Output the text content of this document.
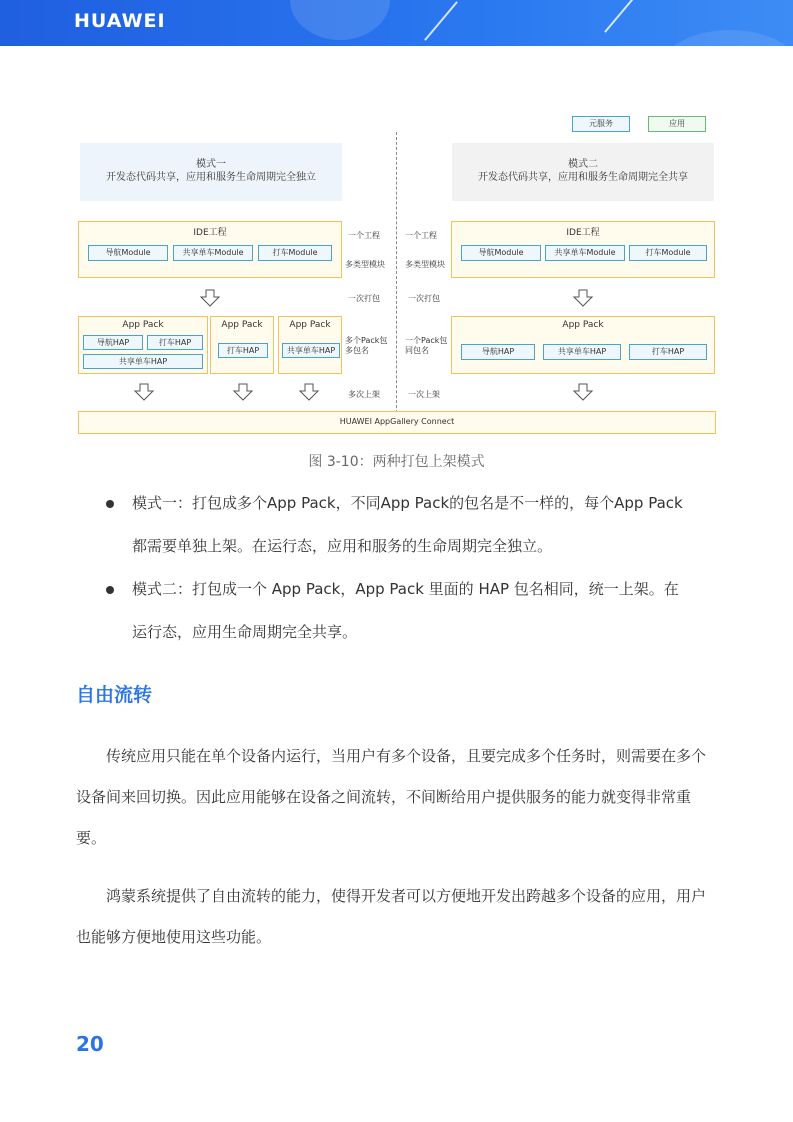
HUAWEI
元服务	应用
模式一
开发态代码共享，应用和服务生命周期完全独立
模式二
开发态代码共享，应用和服务生命周期完全共享
IDE工程
导航Module	共享单车Module	打车Module
IDE工程
导航Module	共享单车Module	打车Module
一个工程
多类型模块
一次打包
多个Pack包
多包名
多次上架
一个工程
多类型模块
一次打包
一个Pack包
同包名
一次上架
App Pack
导航HAP	打车HAP
共享单车HAP
App Pack
打车HAP
App Pack
共享单车HAP
App Pack
导航HAP	共享单车HAP	打车HAP
HUAWEI AppGallery Connect
图 3-10：两种打包上架模式
模式一：打包成多个App Pack，不同App Pack的包名是不一样的，每个App Pack
都需要单独上架。在运行态，应用和服务的生命周期完全独立。
模式二：打包成一个 App Pack，App Pack 里面的 HAP 包名相同，统一上架。在
运行态，应用生命周期完全共享。
自由流转
传统应用只能在单个设备内运行，当用户有多个设备，且要完成多个任务时，则需要在多个设备间来回切换。因此应用能够在设备之间流转，不间断给用户提供服务的能力就变得非常重要。
鸿蒙系统提供了自由流转的能力，使得开发者可以方便地开发出跨越多个设备的应用，用户也能够方便地使用这些功能。
20
